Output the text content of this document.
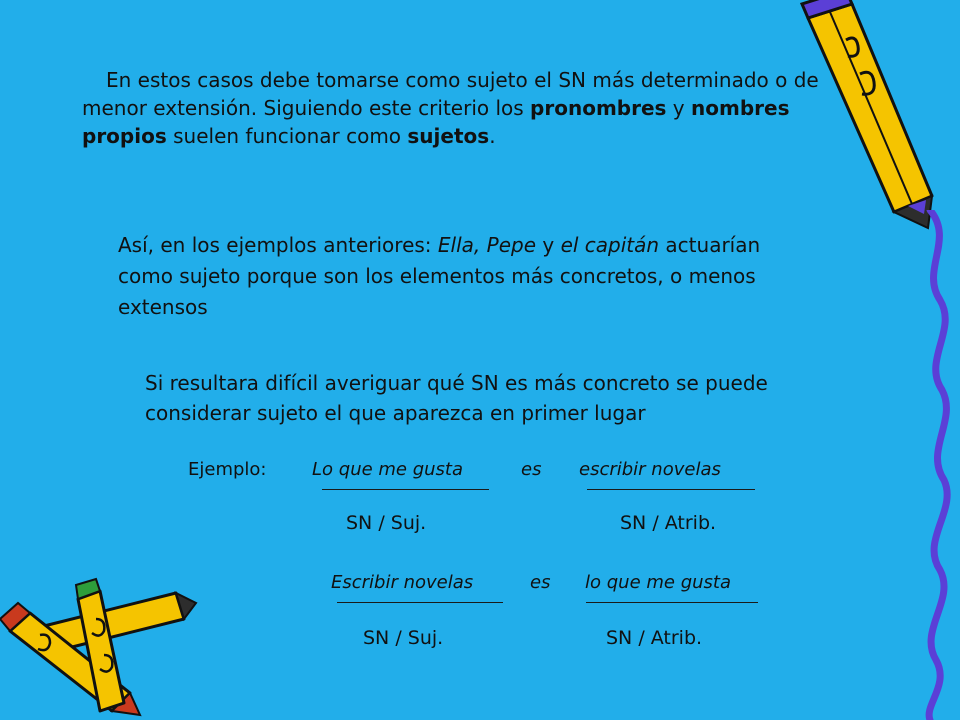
En estos casos debe tomarse como sujeto el SN más determinado o de menor extensión. Siguiendo este criterio los pronombres y nombres propios suelen funcionar como sujetos.

Así, en los ejemplos anteriores: Ella, Pepe y el capitán actuarían como sujeto porque son los elementos más concretos, o menos extensos

Si resultara difícil averiguar qué SN es más concreto se puede considerar sujeto el que aparezca en primer lugar

Ejemplo:	Lo que me gusta	es escribir novelas
SN / Suj.	SN / Atrib.
Escribir novelas	es lo que me gusta
SN / Suj.	SN / Atrib.
